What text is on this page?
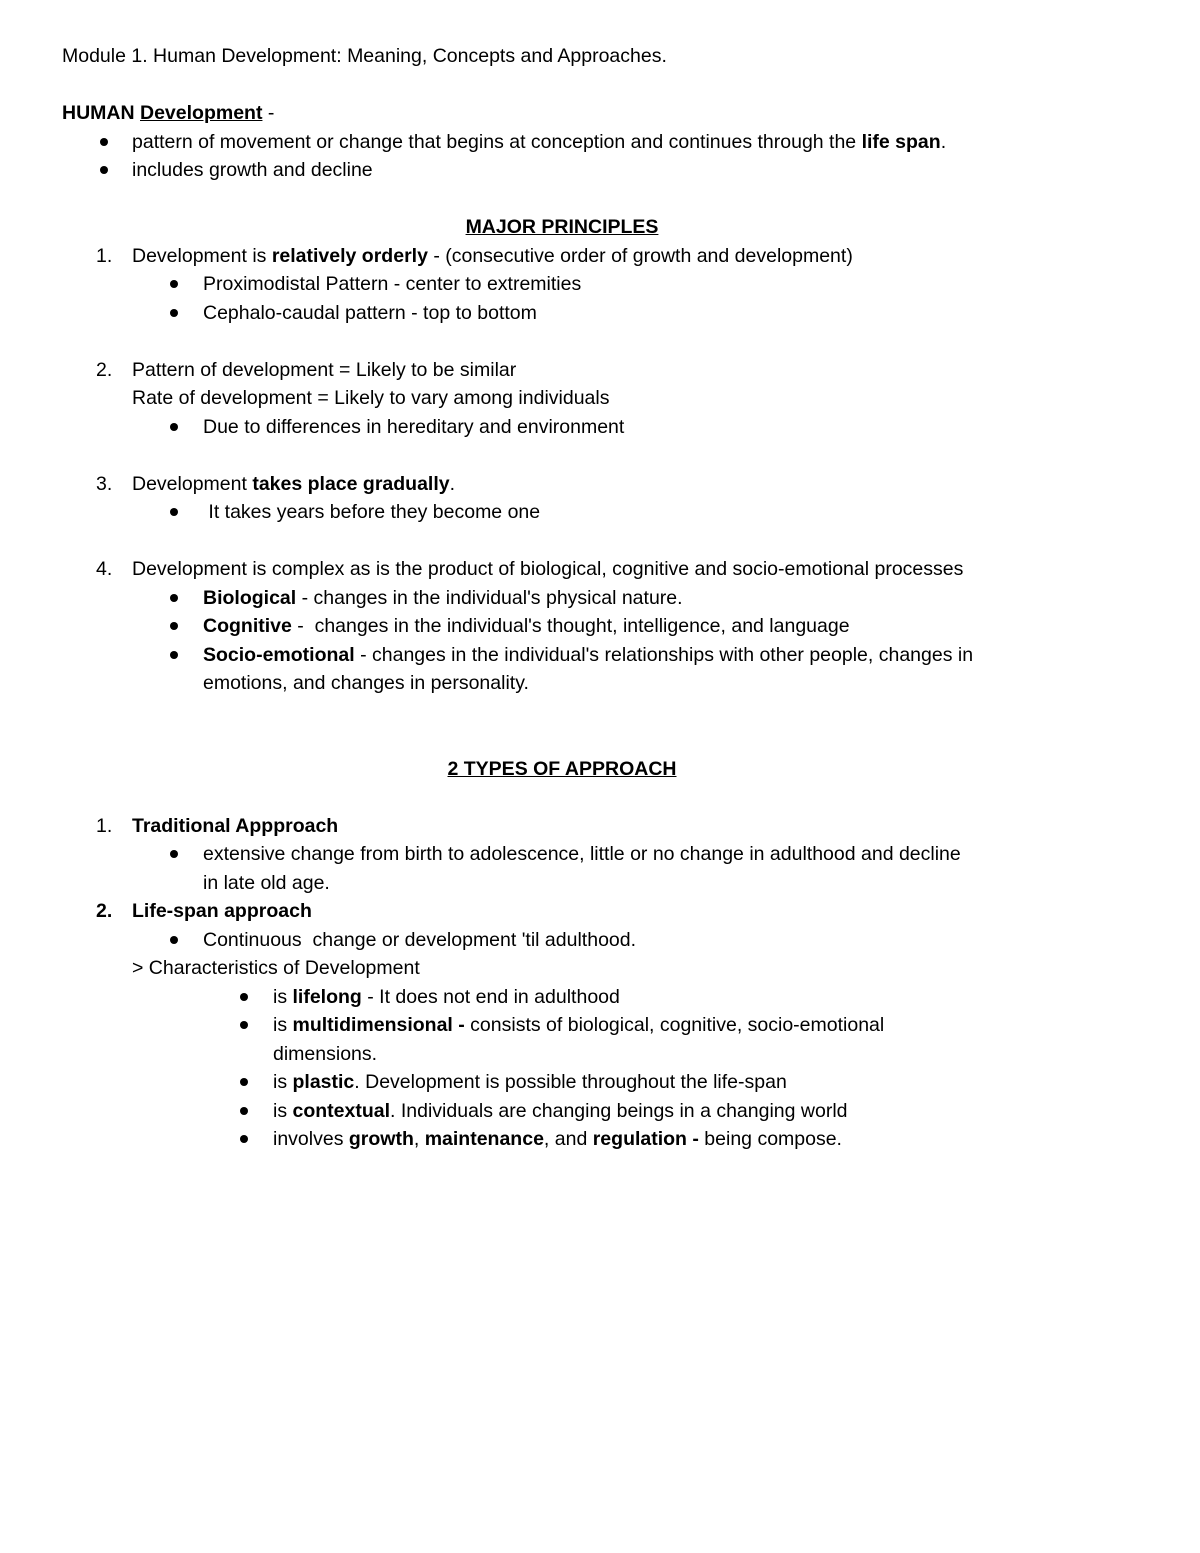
Module 1. Human Development: Meaning, Concepts and Approaches.
HUMAN Development -
pattern of movement or change that begins at conception and continues through the life span.
includes growth and decline
MAJOR PRINCIPLES
1.	Development is relatively orderly - (consecutive order of growth and development)
Proximodistal Pattern - center to extremities
Cephalo-caudal pattern - top to bottom
2.	Pattern of development = Likely to be similar
Rate of development = Likely to vary among individuals
Due to differences in hereditary and environment
3.	Development takes place gradually.
It takes years before they become one
4.	Development is complex as is the product of biological, cognitive and socio-emotional processes
Biological - changes in the individual's physical nature.
Cognitive -  changes in the individual's thought, intelligence, and language
Socio-emotional - changes in the individual's relationships with other people, changes in
emotions, and changes in personality.
2 TYPES OF APPROACH
1.	Traditional Appproach
extensive change from birth to adolescence, little or no change in adulthood and decline
in late old age.
2.	Life-span approach
Continuous  change or development 'til adulthood.
> Characteristics of Development
is lifelong - It does not end in adulthood
is multidimensional - consists of biological, cognitive, socio-emotional
dimensions.
is plastic. Development is possible throughout the life-span
is contextual. Individuals are changing beings in a changing world
involves growth, maintenance, and regulation - being compose.
